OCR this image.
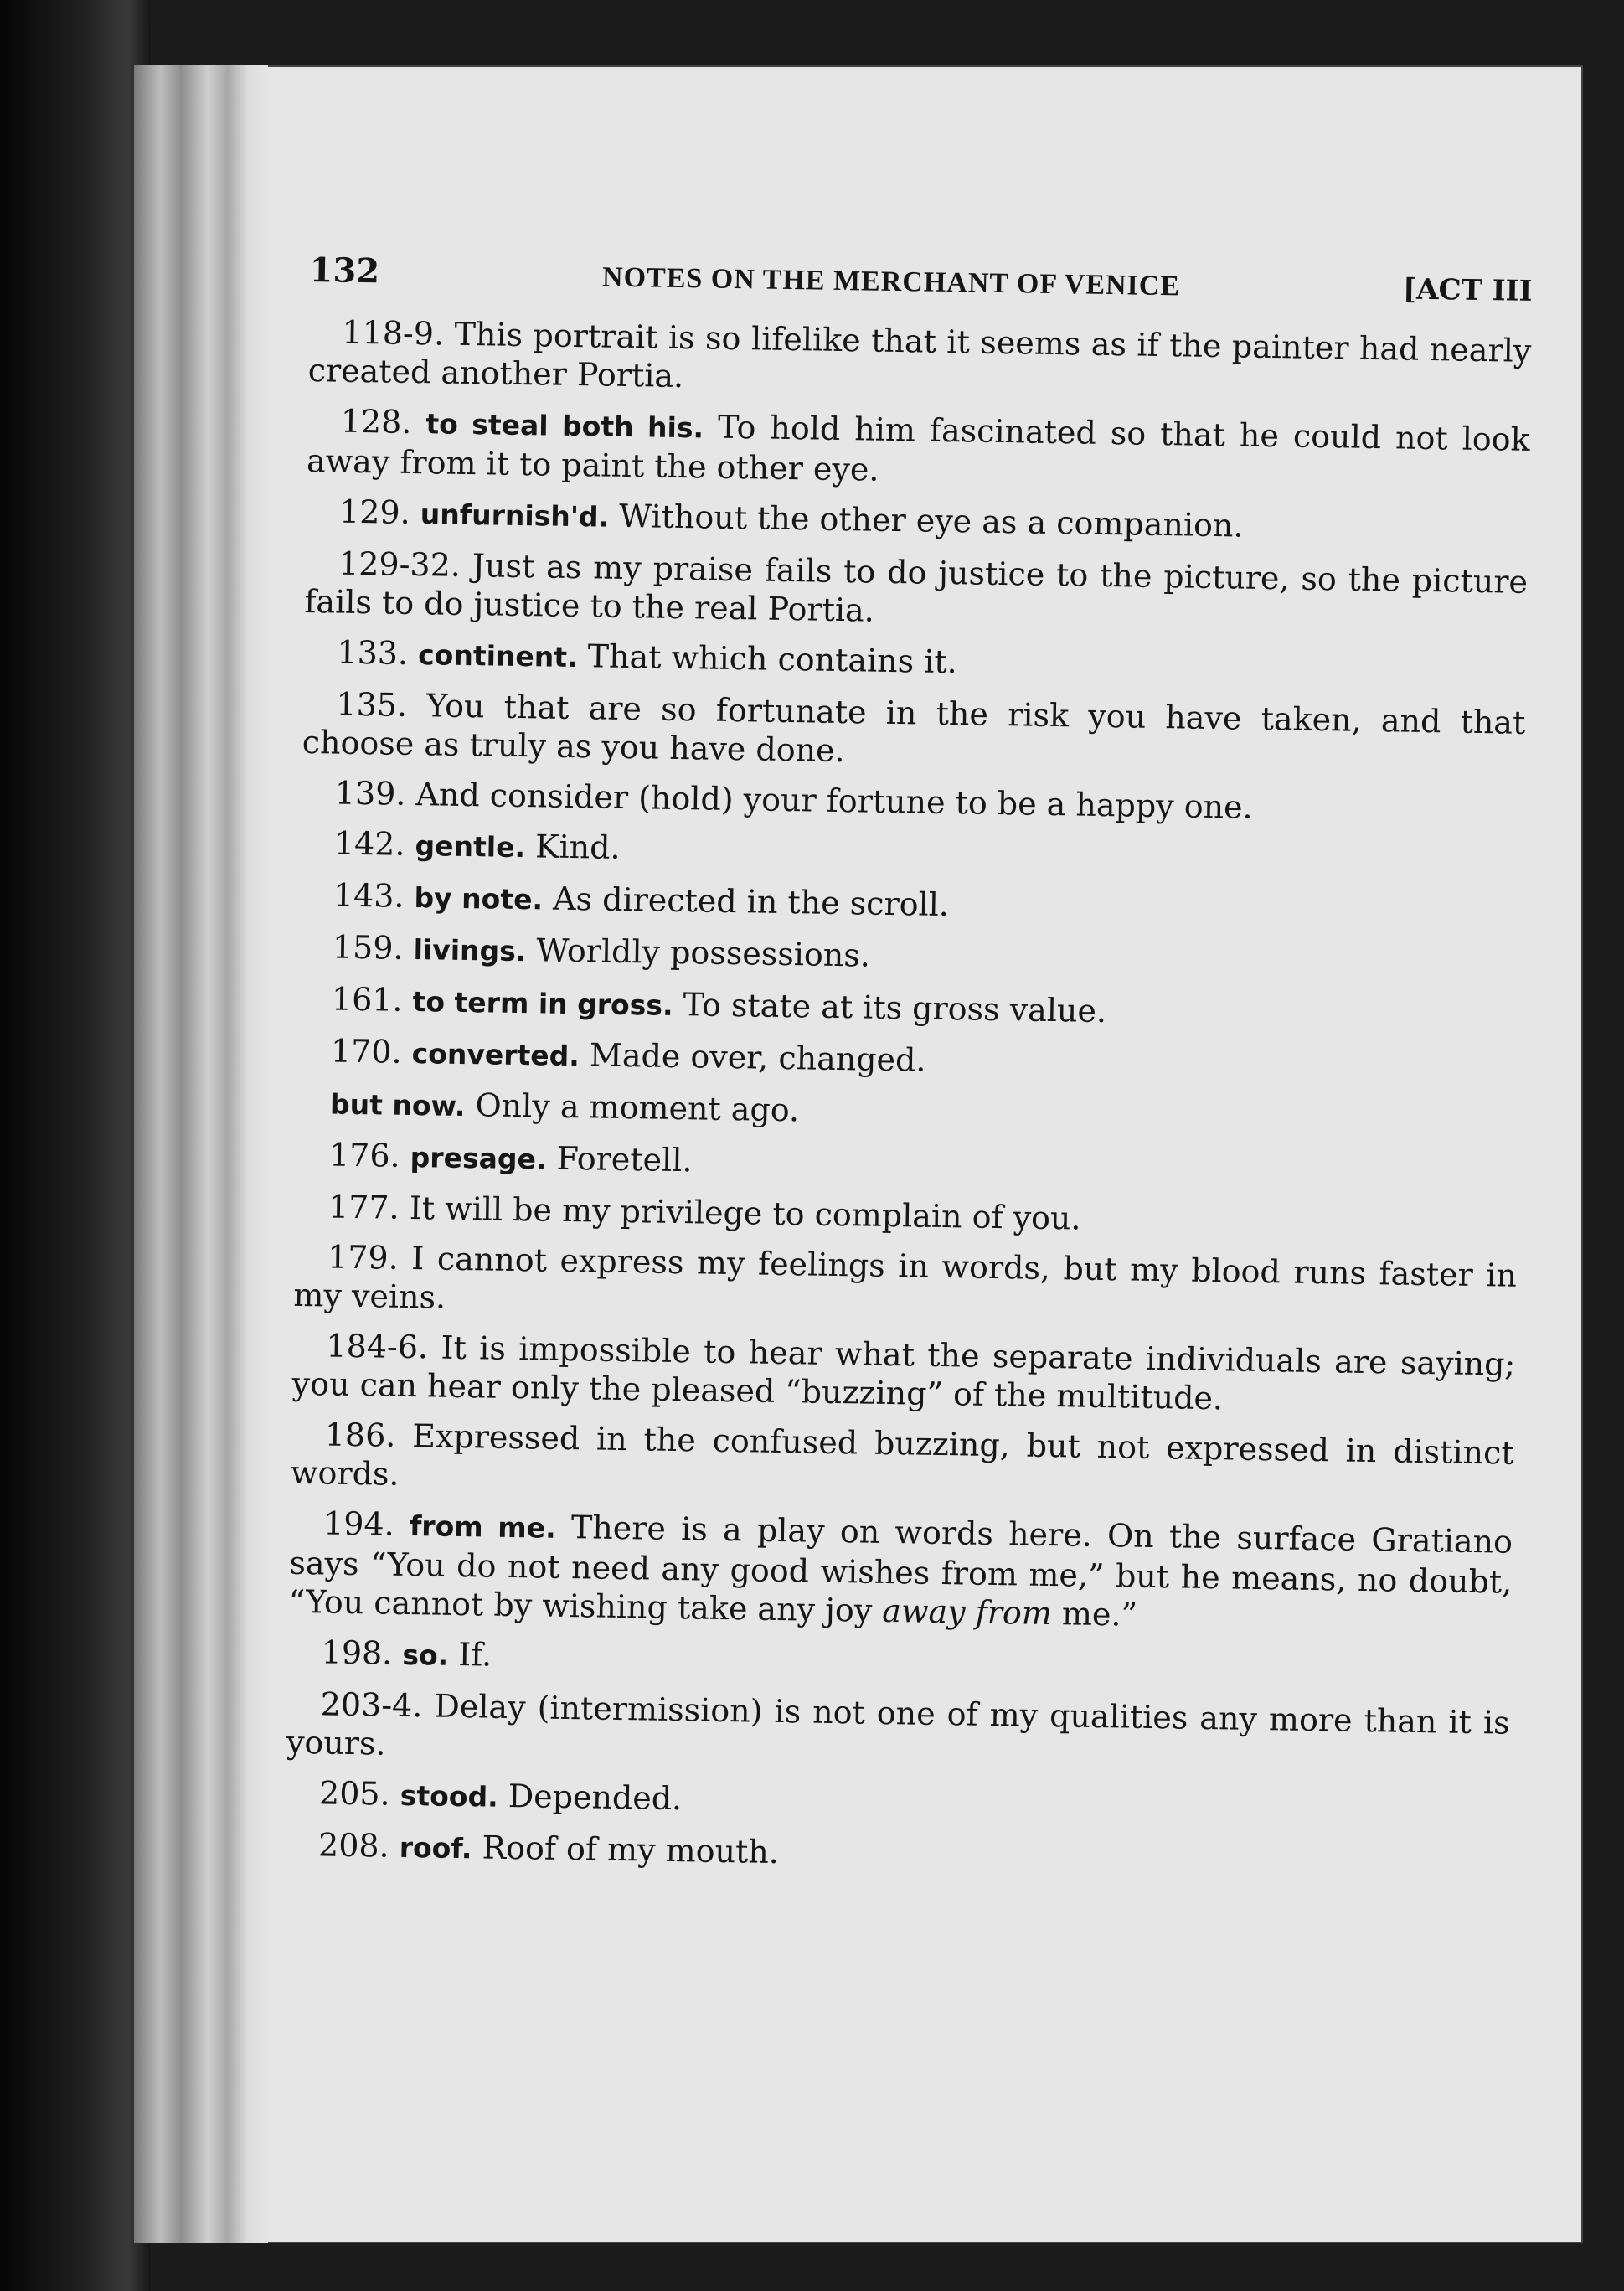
132	NOTES ON THE MERCHANT OF VENICE	[ACT III

118-9. This portrait is so lifelike that it seems as if the painter had nearly created another Portia.

128. to steal both his. To hold him fascinated so that he could not look away from it to paint the other eye.

129. unfurnish'd. Without the other eye as a companion.

129-32. Just as my praise fails to do justice to the picture, so the picture fails to do justice to the real Portia.

133. continent. That which contains it.

135. You that are so fortunate in the risk you have taken, and that choose as truly as you have done.

139. And consider (hold) your fortune to be a happy one.

142. gentle. Kind.

143. by note. As directed in the scroll.

159. livings. Worldly possessions.

161. to term in gross. To state at its gross value.

170. converted. Made over, changed.

but now. Only a moment ago.

176. presage. Foretell.

177. It will be my privilege to complain of you.

179. I cannot express my feelings in words, but my blood runs faster in my veins.

184-6. It is impossible to hear what the separate individuals are saying; you can hear only the pleased “buzzing” of the multitude.

186. Expressed in the confused buzzing, but not expressed in distinct words.

194. from me. There is a play on words here. On the surface Gratiano says “You do not need any good wishes from me,” but he means, no doubt, “You cannot by wishing take any joy away from me.”

198. so. If.

203-4. Delay (intermission) is not one of my qualities any more than it is yours.

205. stood. Depended.

208. roof. Roof of my mouth.
